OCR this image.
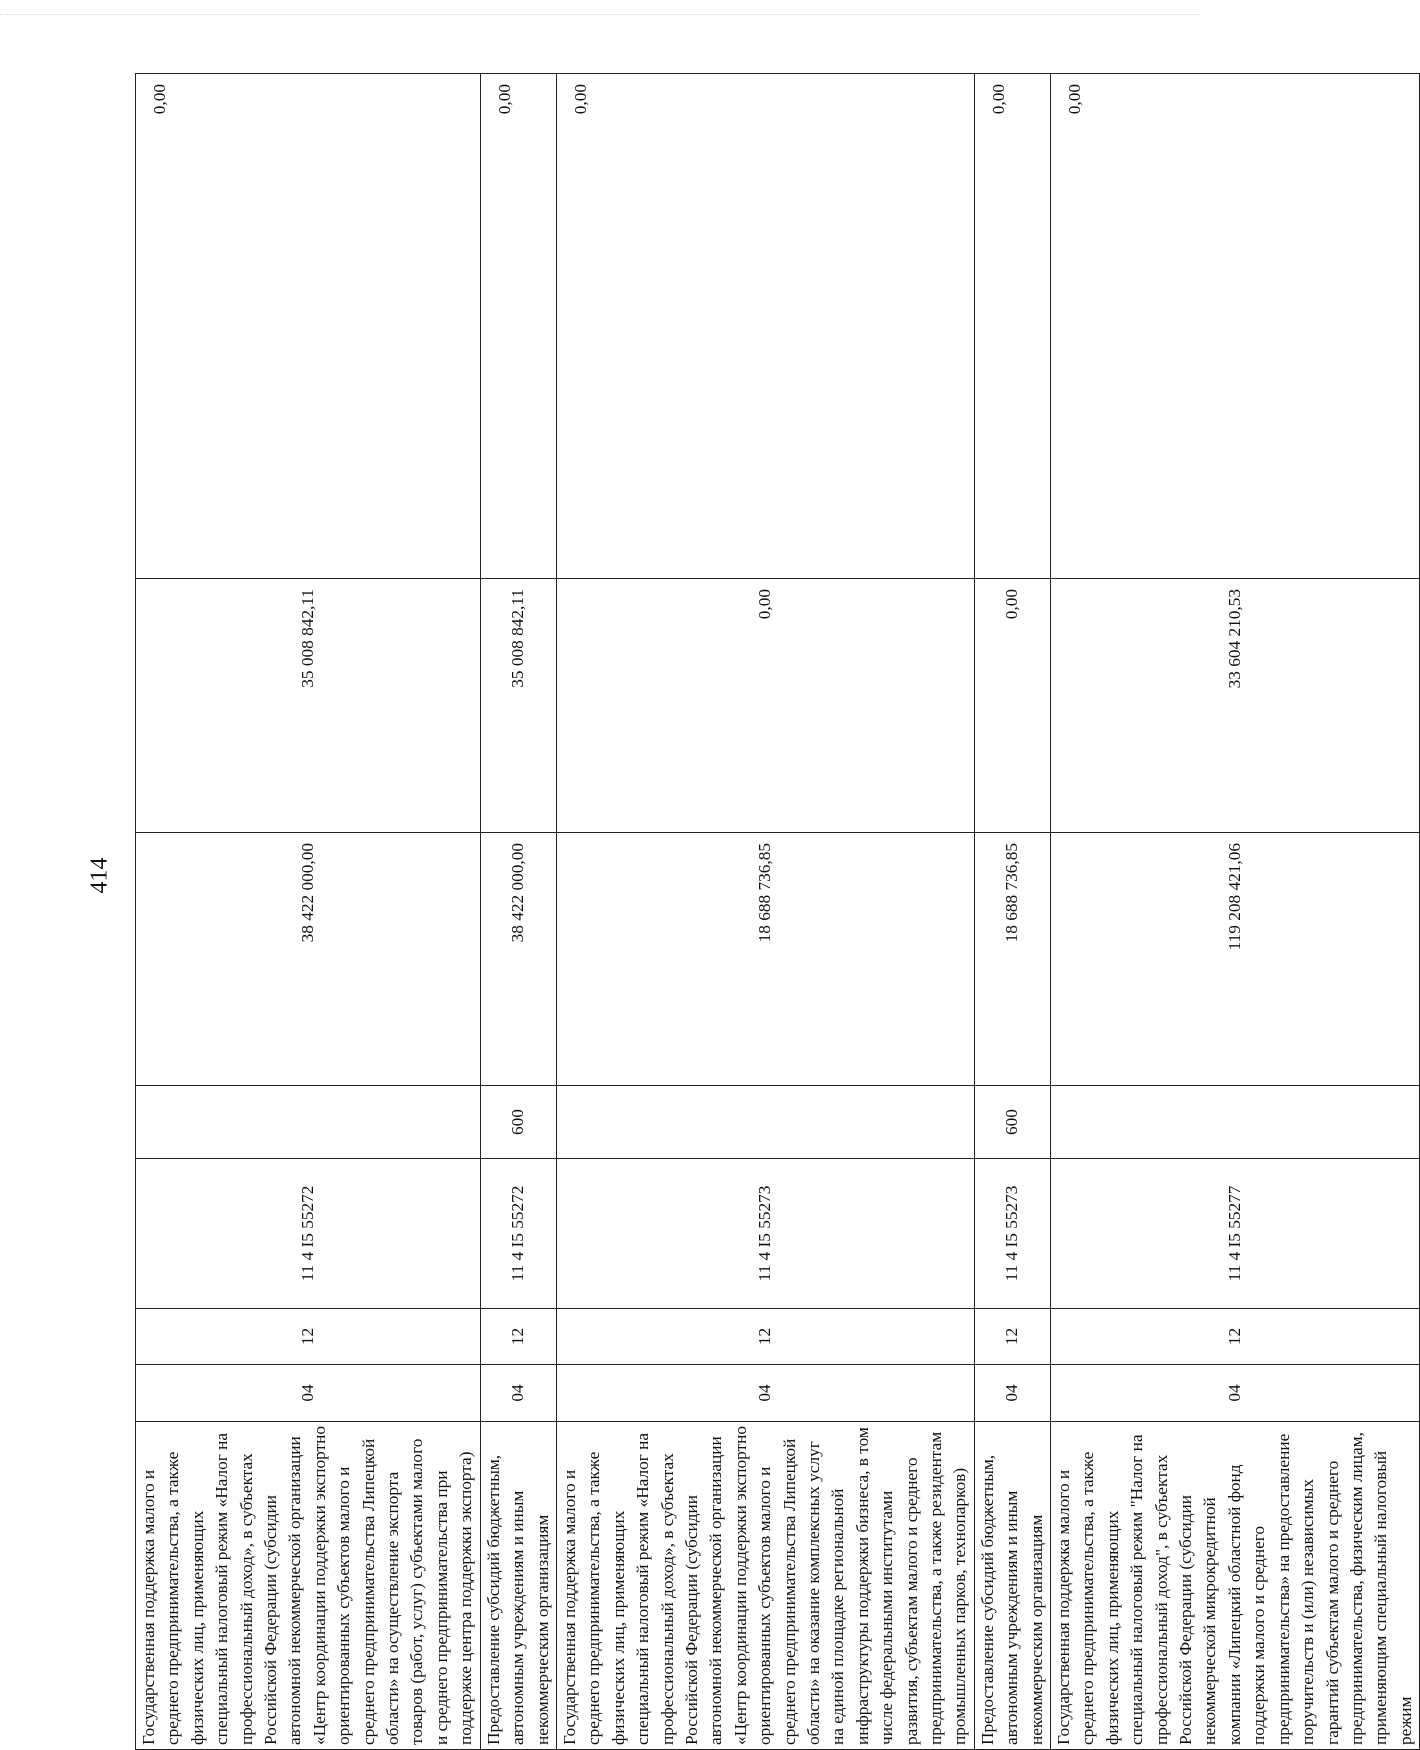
414
Государственная поддержка малого и среднего предпринимательства, а также физических лиц, применяющих специальный налоговый режим «Налог на профессиональный доход», в субъектах Российской Федерации (субсидии автономной некоммерческой организации «Центр координации поддержки экспортно ориентированных субъектов малого и среднего предпринимательства Липецкой области» на осуществление экспорта товаров (работ, услуг) субъектами малого и среднего предпринимательства при поддержке центра поддержки экспорта)	04	12	11 4 I5 55272		38 422 000,00	35 008 842,11	0,00
Предоставление субсидий бюджетным, автономным учреждениям и иным некоммерческим организациям	04	12	11 4 I5 55272	600	38 422 000,00	35 008 842,11	0,00
Государственная поддержка малого и среднего предпринимательства, а также физических лиц, применяющих специальный налоговый режим «Налог на профессиональный доход», в субъектах Российской Федерации (субсидии автономной некоммерческой организации «Центр координации поддержки экспортно ориентированных субъектов малого и среднего предпринимательства Липецкой области» на оказание комплексных услуг на единой площадке региональной инфраструктуры поддержки бизнеса, в том числе федеральными институтами развития, субъектам малого и среднего предпринимательства, а также резидентам промышленных парков, технопарков)	04	12	11 4 I5 55273		18 688 736,85	0,00	0,00
Предоставление субсидий бюджетным, автономным учреждениям и иным некоммерческим организациям	04	12	11 4 I5 55273	600	18 688 736,85	0,00	0,00
Государственная поддержка малого и среднего предпринимательства, а также физических лиц, применяющих специальный налоговый режим "Налог на профессиональный доход", в субъектах Российской Федерации (субсидии некоммерческой микрокредитной компании «Липецкий областной фонд поддержки малого и среднего предпринимательства» на предоставление поручительств и (или) независимых гарантий субъектам малого и среднего предпринимательства, физическим лицам, применяющим специальный налоговый режим	04	12	11 4 I5 55277		119 208 421,06	33 604 210,53	0,00
